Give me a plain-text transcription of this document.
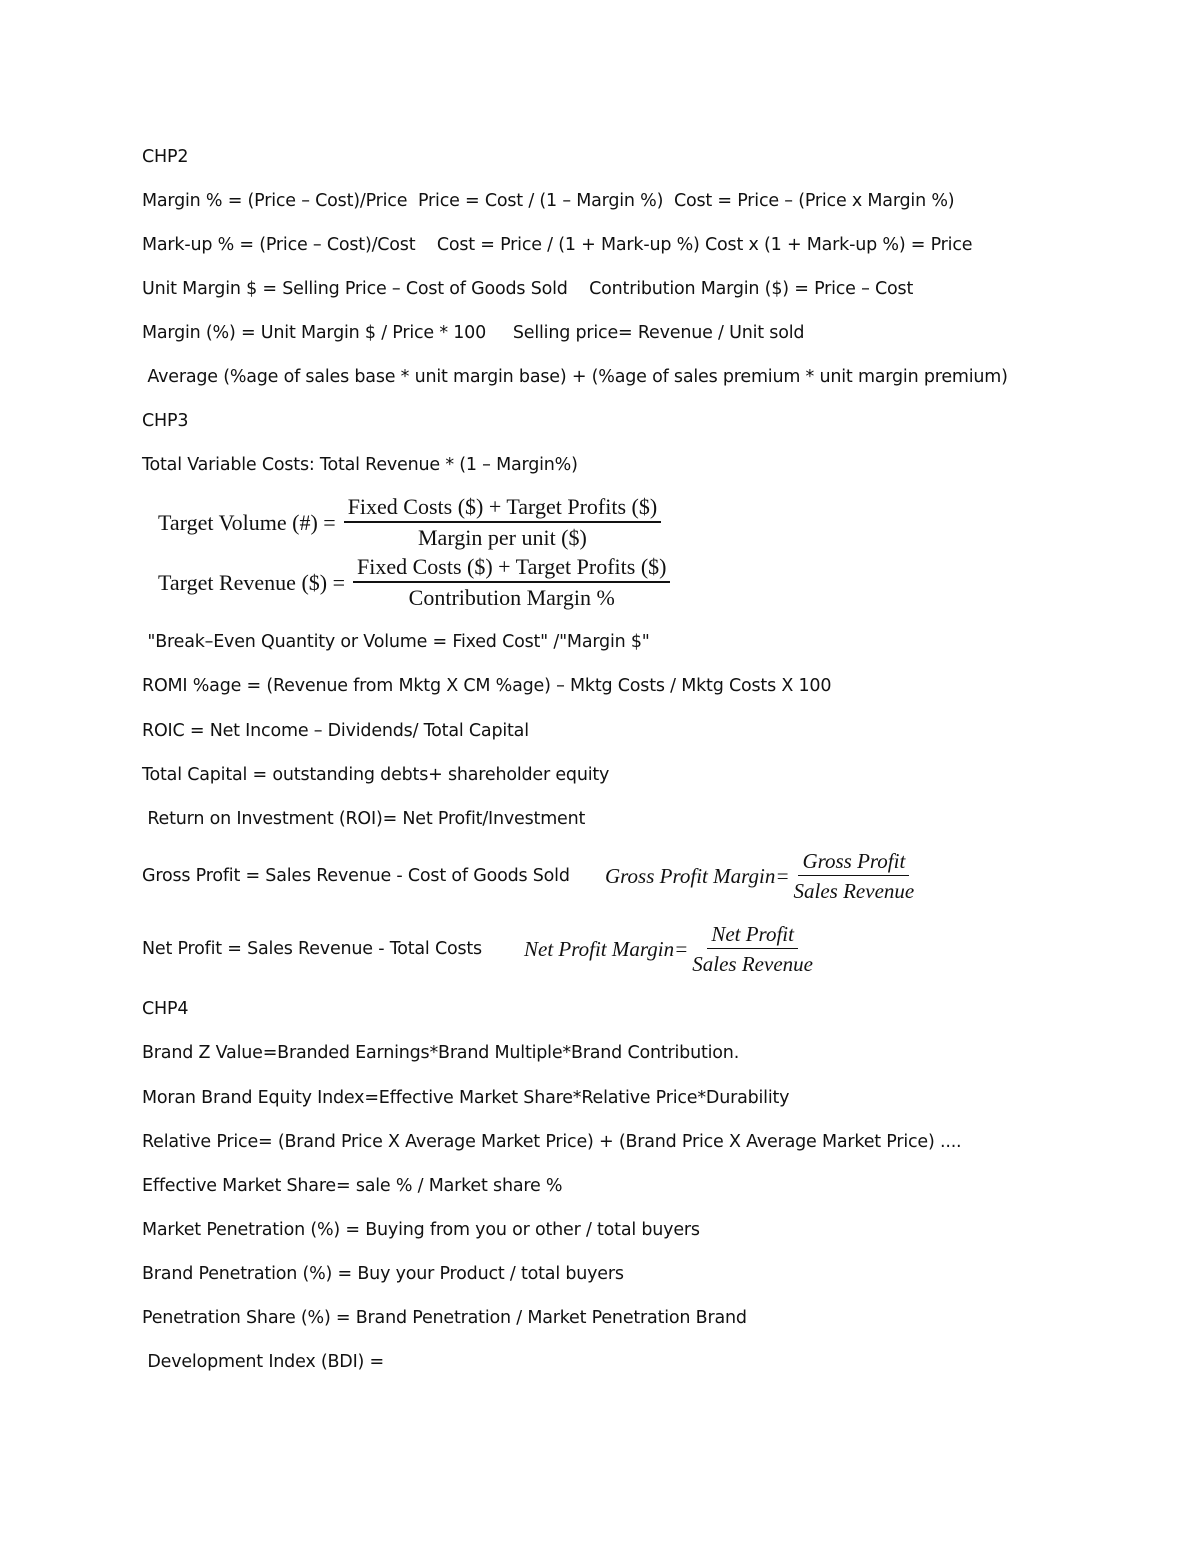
CHP2
Margin % = (Price – Cost)/Price  Price = Cost / (1 – Margin %)  Cost = Price – (Price x Margin %)
Mark-up % = (Price – Cost)/Cost    Cost = Price / (1 + Mark-up %) Cost x (1 + Mark-up %) = Price
Unit Margin $ = Selling Price – Cost of Goods Sold    Contribution Margin ($) = Price – Cost
Margin (%) = Unit Margin $ / Price * 100     Selling price= Revenue / Unit sold
Average (%age of sales base * unit margin base) + (%age of sales premium * unit margin premium)
CHP3
Total Variable Costs: Total Revenue * (1 – Margin%)
Target Volume (#) = $\frac{\text{Fixed Costs (\$) + Target Profits (\$)}}{\text{Margin per unit (\$)}}$
Target Revenue ($) = $\frac{\text{Fixed Costs (\$) + Target Profits (\$)}}{\text{Contribution Margin \%}}$
"Break–Even Quantity or Volume = Fixed Cost" /"Margin $"
ROMI %age = (Revenue from Mktg X CM %age) – Mktg Costs / Mktg Costs X 100
ROIC = Net Income – Dividends/ Total Capital
Total Capital = outstanding debts+ shareholder equity
Return on Investment (ROI)= Net Profit/Investment
Gross Profit = Sales Revenue - Cost of Goods Sold	Gross Profit Margin= $\frac{\text{Gross Profit}}{\text{Sales Revenue}}$
Net Profit = Sales Revenue - Total Costs	Net Profit Margin= $\frac{\text{Net Profit}}{\text{Sales Revenue}}$
CHP4
Brand Z Value=Branded Earnings*Brand Multiple*Brand Contribution.
Moran Brand Equity Index=Effective Market Share*Relative Price*Durability
Relative Price= (Brand Price X Average Market Price) + (Brand Price X Average Market Price) ....
Effective Market Share= sale % / Market share %
Market Penetration (%) = Buying from you or other / total buyers
Brand Penetration (%) = Buy your Product / total buyers
Penetration Share (%) = Brand Penetration / Market Penetration Brand
Development Index (BDI) =
